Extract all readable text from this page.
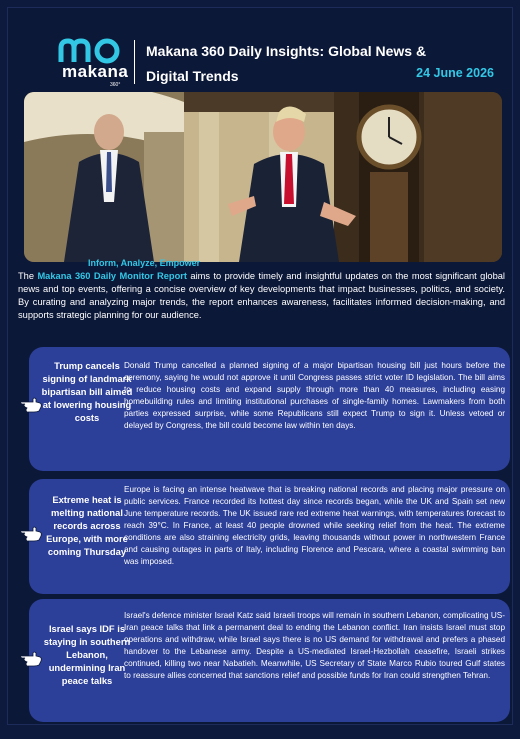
makana
360°
Makana 360 Daily Insights: Global News &
Digital Trends	24 June 2026
Inform, Analyze, Empower
The Makana 360 Daily Monitor Report aims to provide timely and insightful updates on the most significant global news and top events, offering a concise overview of key developments that impact businesses, politics, and society. By curating and analyzing major trends, the report enhances awareness, facilitates informed decision-making, and supports strategic planning for our audience.
Trump cancels signing of landmark bipartisan bill aimed at lowering housing costs
Donald Trump cancelled a planned signing of a major bipartisan housing bill just hours before the ceremony, saying he would not approve it until Congress passes strict voter ID legislation. The bill aims to reduce housing costs and expand supply through more than 40 measures, including easing homebuilding rules and limiting institutional purchases of single-family homes. Lawmakers from both parties expressed surprise, while some Republicans still expect Trump to sign it. Unless vetoed or delayed by Congress, the bill could become law within ten days.
Extreme heat is melting national records across Europe, with more coming Thursday
Europe is facing an intense heatwave that is breaking national records and placing major pressure on public services. France recorded its hottest day since records began, while the UK and Spain set new June temperature records. The UK issued rare red extreme heat warnings, with temperatures forecast to reach 39°C. In France, at least 40 people drowned while seeking relief from the heat. The extreme conditions are also straining electricity grids, leaving thousands without power in northwestern France and causing outages in parts of Italy, including Florence and Pescara, where a coastal swimming ban was imposed.
Israel says IDF is staying in southern Lebanon, undermining Iran peace talks
Israel's defence minister Israel Katz said Israeli troops will remain in southern Lebanon, complicating US-Iran peace talks that link a permanent deal to ending the Lebanon conflict. Iran insists Israel must stop operations and withdraw, while Israel says there is no US demand for withdrawal and prefers a phased handover to the Lebanese army. Despite a US-mediated Israel-Hezbollah ceasefire, Israeli strikes continued, killing two near Nabatieh. Meanwhile, US Secretary of State Marco Rubio toured Gulf states to reassure allies concerned that sanctions relief and possible funds for Iran could strengthen Tehran.
